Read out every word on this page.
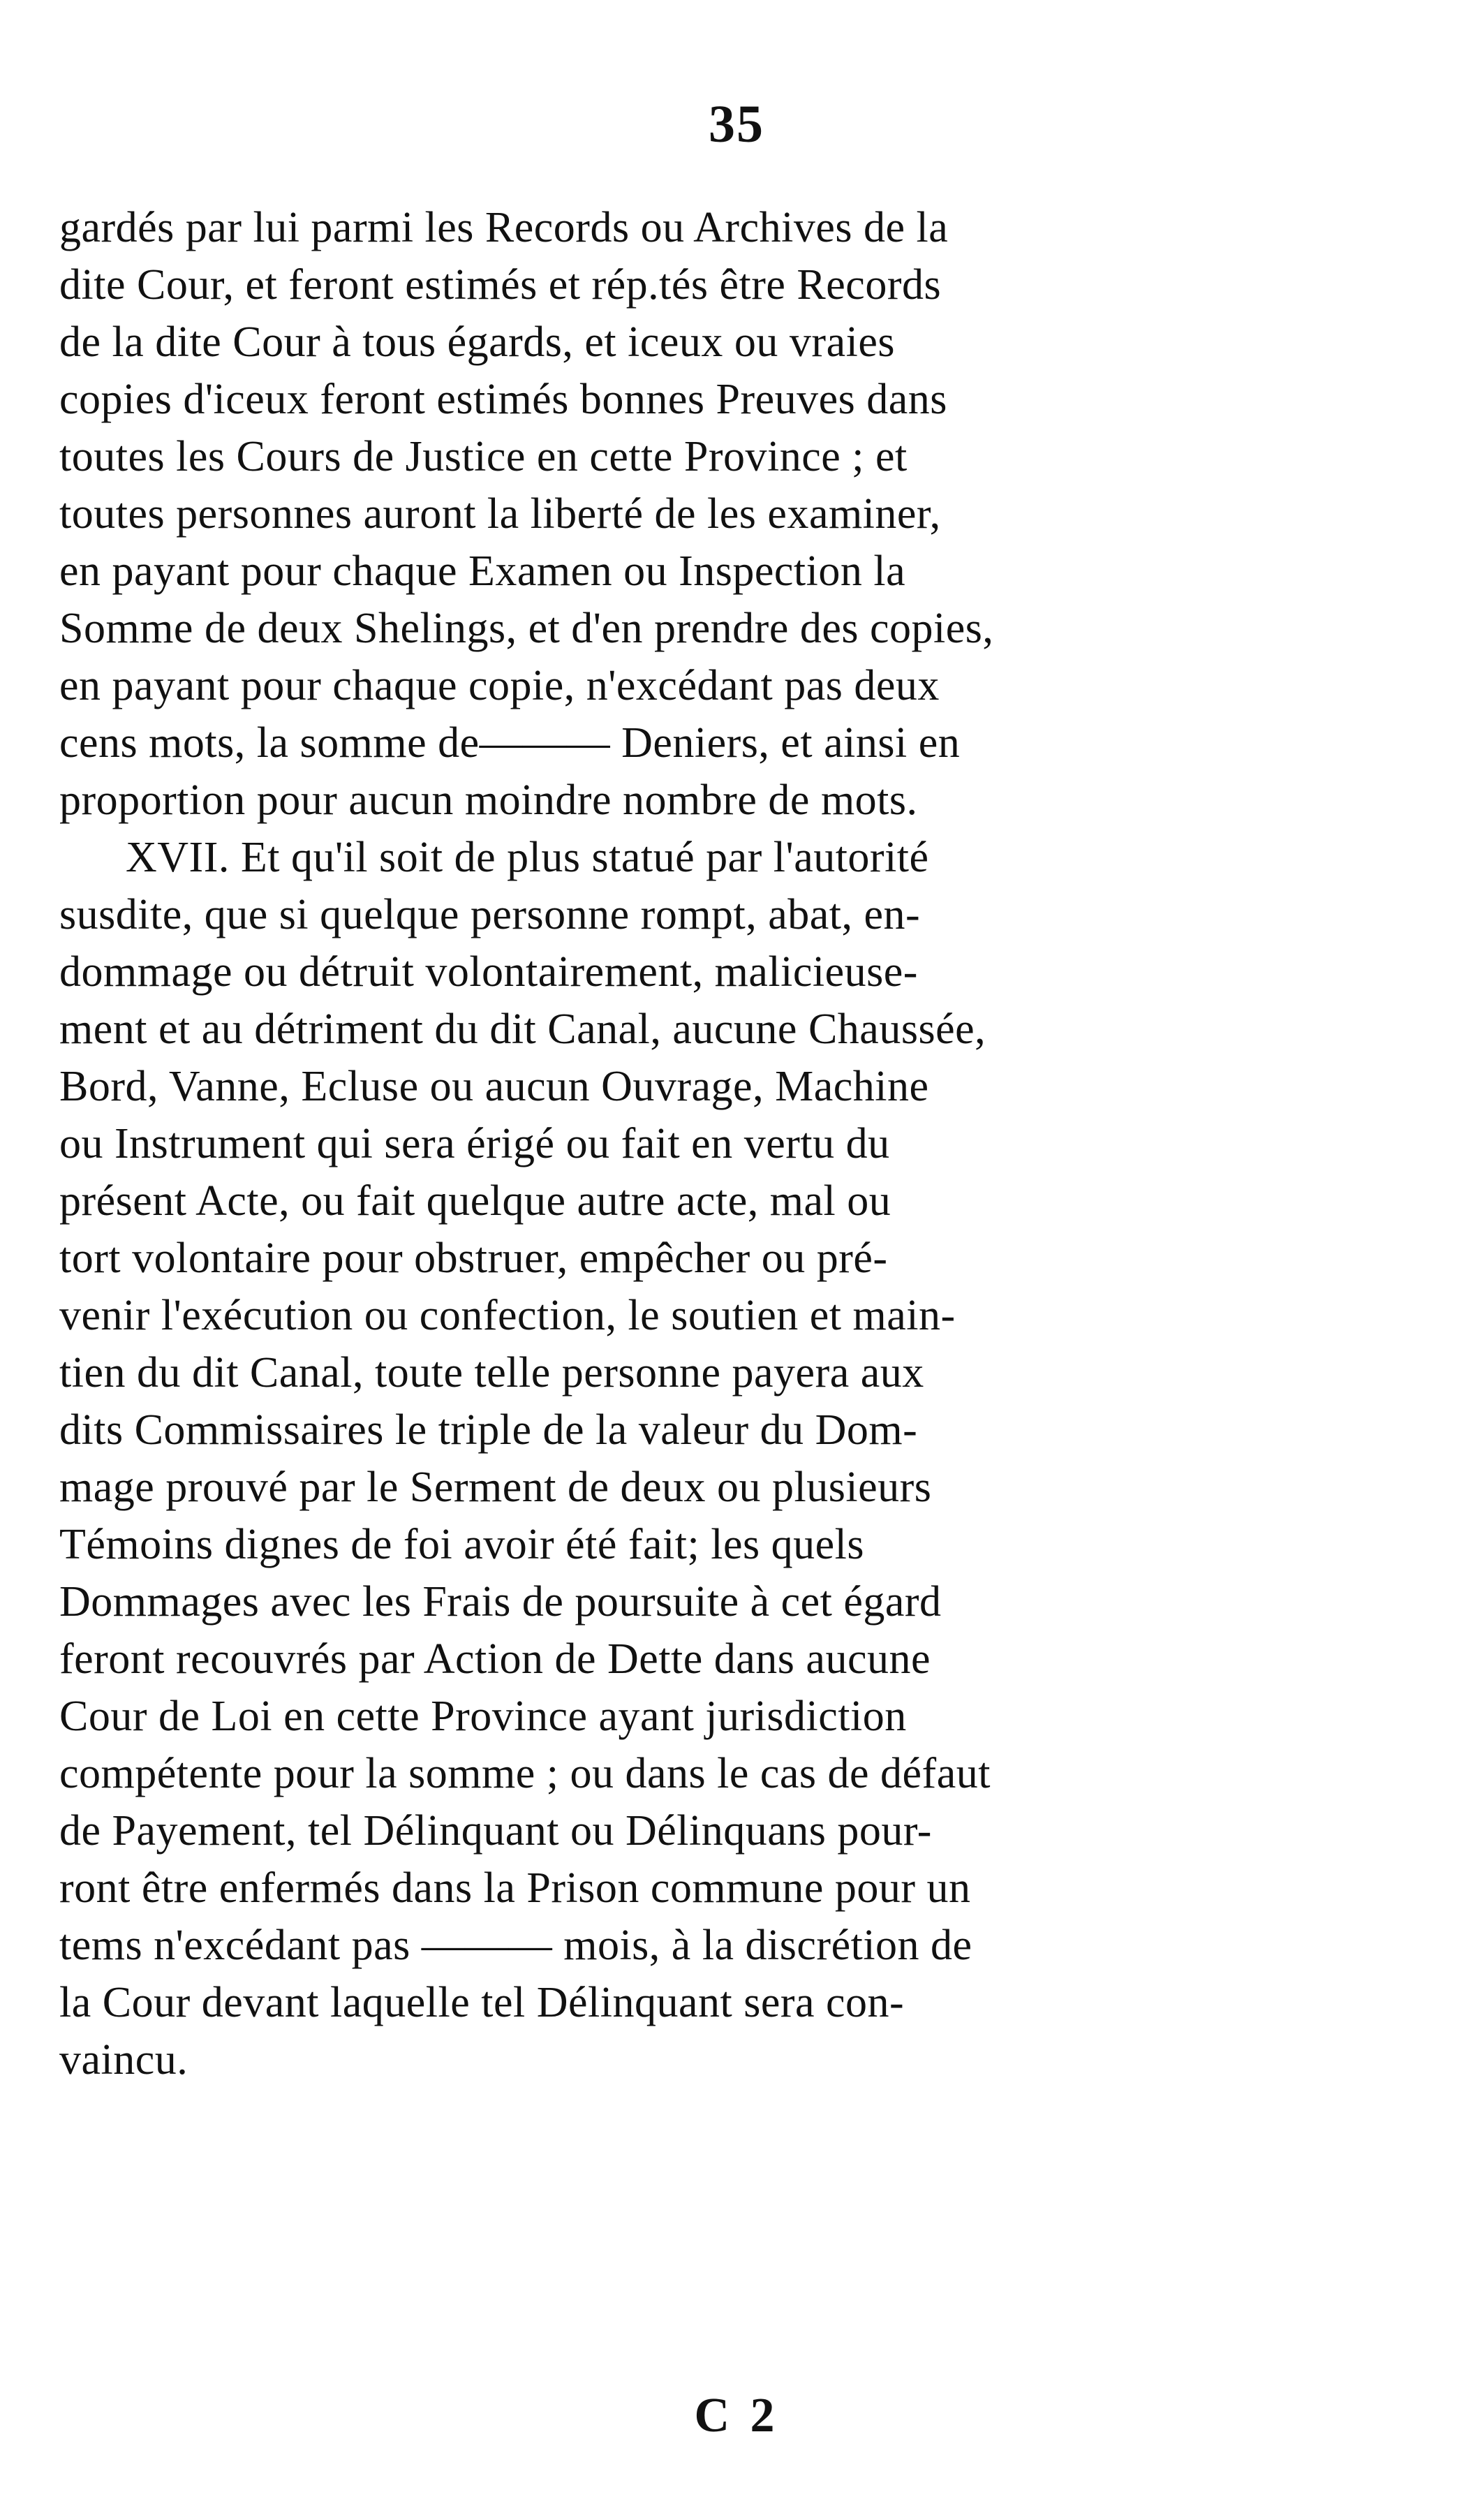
35
gardés par lui parmi les Records ou Archives de la
dite Cour, et feront estimés et rép.tés être Records
de la dite Cour à tous égards, et iceux ou vraies
copies d'iceux feront estimés bonnes Preuves dans
toutes les Cours de Justice en cette Province ; et
toutes personnes auront la liberté de les examiner,
en payant pour chaque Examen ou Inspection la
Somme de deux Shelings, et d'en prendre des copies,
en payant pour chaque copie, n'excédant pas deux
cens mots, la somme de——— Deniers, et ainsi en
proportion pour aucun moindre nombre de mots.
XVII. Et qu'il soit de plus statué par l'autorité
susdite, que si quelque personne rompt, abat, en-
dommage ou détruit volontairement, malicieuse-
ment et au détriment du dit Canal, aucune Chaussée,
Bord, Vanne, Ecluse ou aucun Ouvrage, Machine
ou Instrument qui sera érigé ou fait en vertu du
présent Acte, ou fait quelque autre acte, mal ou
tort volontaire pour obstruer, empêcher ou pré-
venir l'exécution ou confection, le soutien et main-
tien du dit Canal, toute telle personne payera aux
dits Commissaires le triple de la valeur du Dom-
mage prouvé par le Serment de deux ou plusieurs
Témoins dignes de foi avoir été fait; les quels
Dommages avec les Frais de poursuite à cet égard
feront recouvrés par Action de Dette dans aucune
Cour de Loi en cette Province ayant jurisdiction
compétente pour la somme ; ou dans le cas de défaut
de Payement, tel Délinquant ou Délinquans pour-
ront être enfermés dans la Prison commune pour un
tems n'excédant pas ——— mois, à la discrétion de
la Cour devant laquelle tel Délinquant sera con-
vaincu.
C 2
